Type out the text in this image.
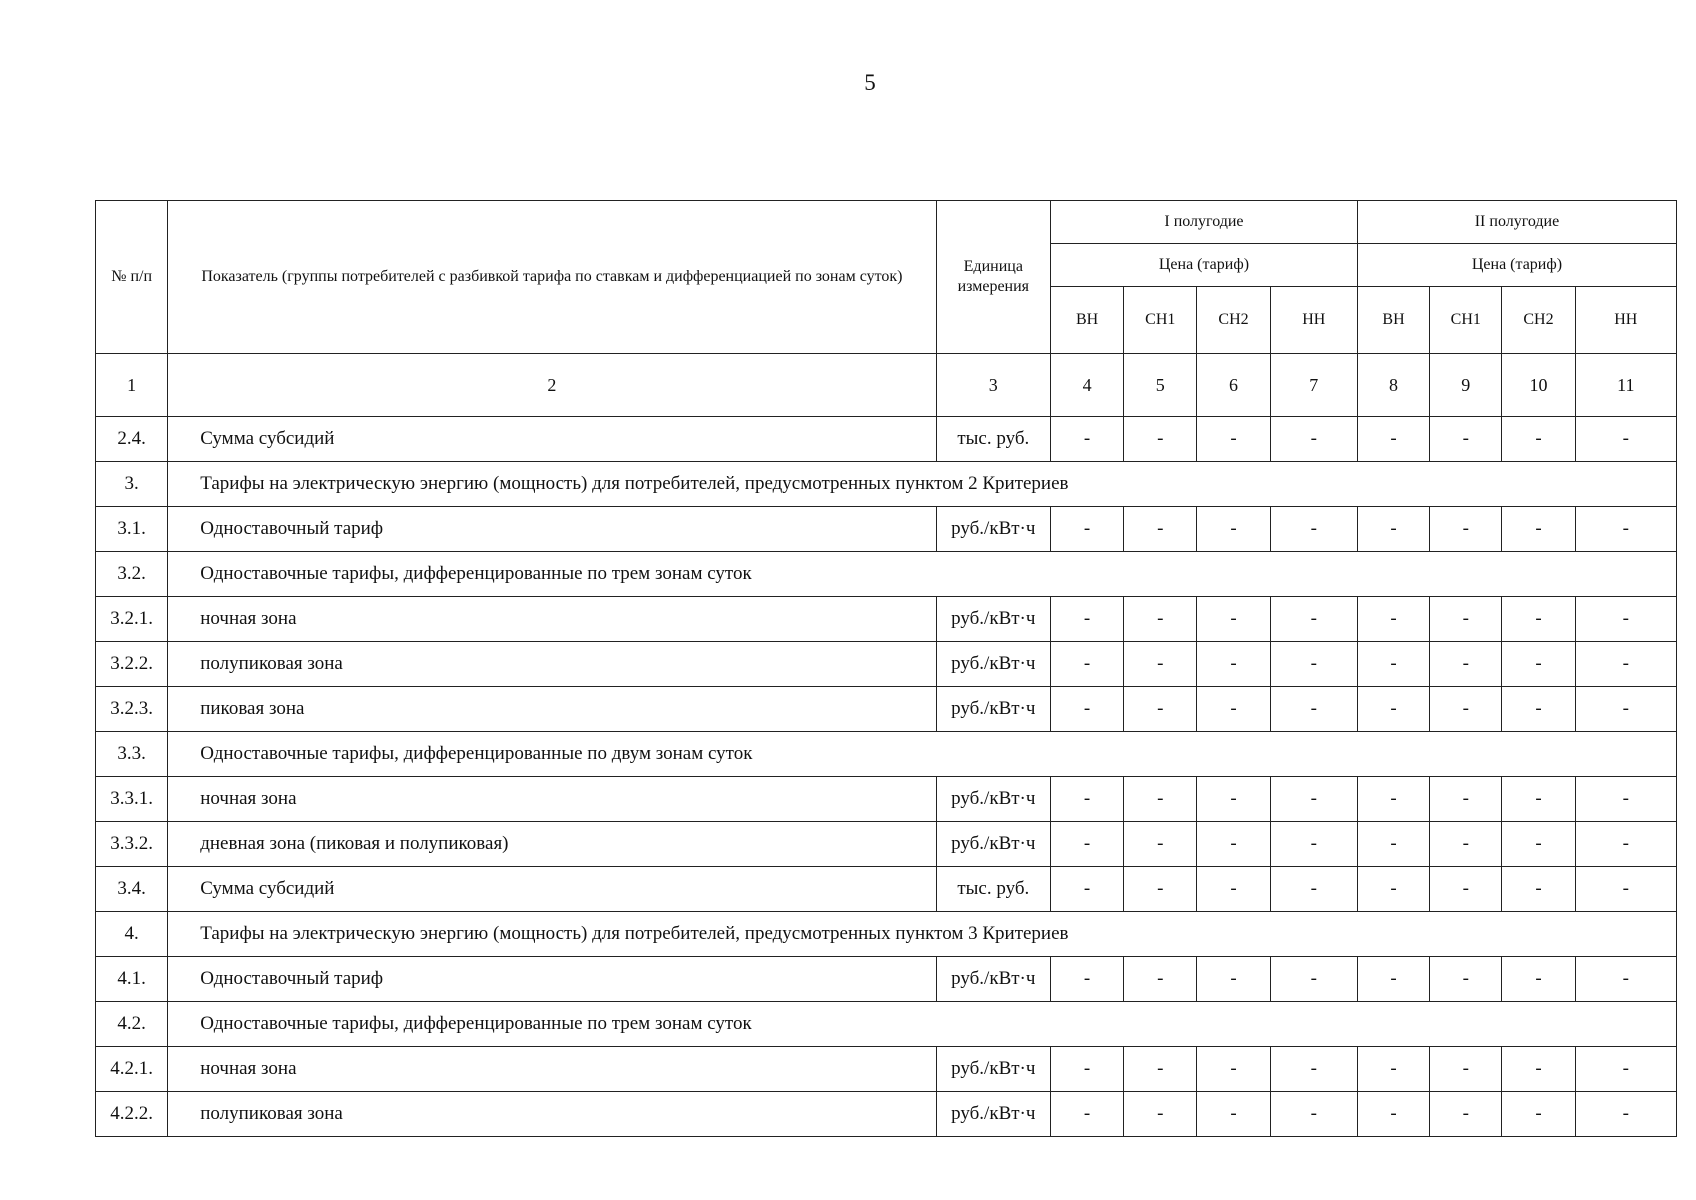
5
№ п/п	Показатель (группы потребителей с разбивкой тарифа по ставкам и дифференциацией по зонам суток)	Единица измерения	I полугодие				II полугодие			
			Цена (тариф)				Цена (тариф)			
			ВН	СН1	СН2	НН	ВН	СН1	СН2	НН
1	2	3	4	5	6	7	8	9	10	11
2.4.	Сумма субсидий	тыс. руб.	-	-	-	-	-	-	-	-
3.	Тарифы на электрическую энергию (мощность) для потребителей, предусмотренных пунктом 2 Критериев									
3.1.	Одноставочный тариф	руб./кВт·ч	-	-	-	-	-	-	-	-
3.2.	Одноставочные тарифы, дифференцированные по трем зонам суток									
3.2.1.	ночная зона	руб./кВт·ч	-	-	-	-	-	-	-	-
3.2.2.	полупиковая зона	руб./кВт·ч	-	-	-	-	-	-	-	-
3.2.3.	пиковая зона	руб./кВт·ч	-	-	-	-	-	-	-	-
3.3.	Одноставочные тарифы, дифференцированные по двум зонам суток									
3.3.1.	ночная зона	руб./кВт·ч	-	-	-	-	-	-	-	-
3.3.2.	дневная зона (пиковая и полупиковая)	руб./кВт·ч	-	-	-	-	-	-	-	-
3.4.	Сумма субсидий	тыс. руб.	-	-	-	-	-	-	-	-
4.	Тарифы на электрическую энергию (мощность) для потребителей, предусмотренных пунктом 3 Критериев									
4.1.	Одноставочный тариф	руб./кВт·ч	-	-	-	-	-	-	-	-
4.2.	Одноставочные тарифы, дифференцированные по трем зонам суток									
4.2.1.	ночная зона	руб./кВт·ч	-	-	-	-	-	-	-	-
4.2.2.	полупиковая зона	руб./кВт·ч	-	-	-	-	-	-	-	-
